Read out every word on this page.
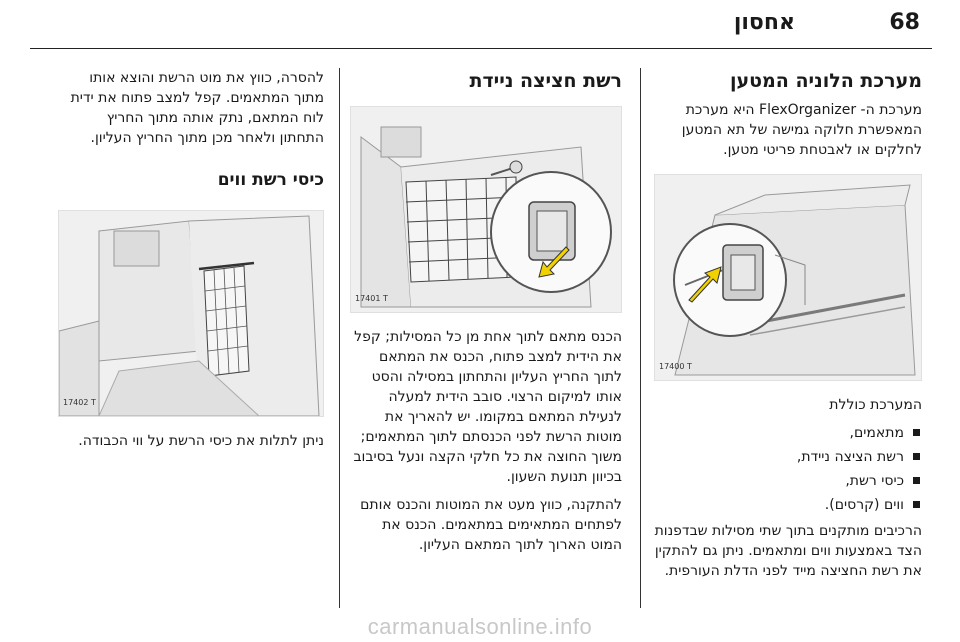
אחסון	68
מערכת הלוניה המטען

מערכת ה- FlexOrganizer היא מערכת המאפשרת חלוקה גמישה של תא המטען לחלקים או לאבטחת פריטי מטען.

17400 T

המערכת כוללת

מתאמים,
רשת הציצה ניידת,
כיסי רשת,
ווים (קרסים).

הרכיבים מותקנים בתוך שתי מסילות שבדפנות הצד באמצעות ווים ומתאמים. ניתן גם להתקין את רשת החציצה מייד לפני הדלת העורפית.

רשת חציצה ניידת
17401 T

הכנס מתאם לתוך אחת מן כל המסילות; קפל את הידית למצב פתוח, הכנס את המתאם לתוך החריץ העליון והתחתון במסילה והסט אותו למיקום הרצוי. סובב הידית למעלה לנעילת המתאם במקומו. יש להאריך את מוטות הרשת לפני הכנסתם לתוך המתאמים; משוך החוצה את כל חלקי הקצה ונעל בסיבוב בכיוון תנועת השעון.

להתקנה, כווץ מעט את המוטות והכנס אותם לפתחים המתאימים במתאמים. הכנס את המוט הארוך לתוך המתאם העליון.

להסרה, כווץ את מוט הרשת והוצא אותו מתוך המתאמים. קפל למצב פתוח את ידית לוח המתאם, נתק אותה מתוך החריץ התחתון ולאחר מכן מתוך החריץ העליון.

כיסי רשת ווים
17402 T

ניתן לתלות את כיסי הרשת על ווי הכבודה.

carmanualsonline.info
